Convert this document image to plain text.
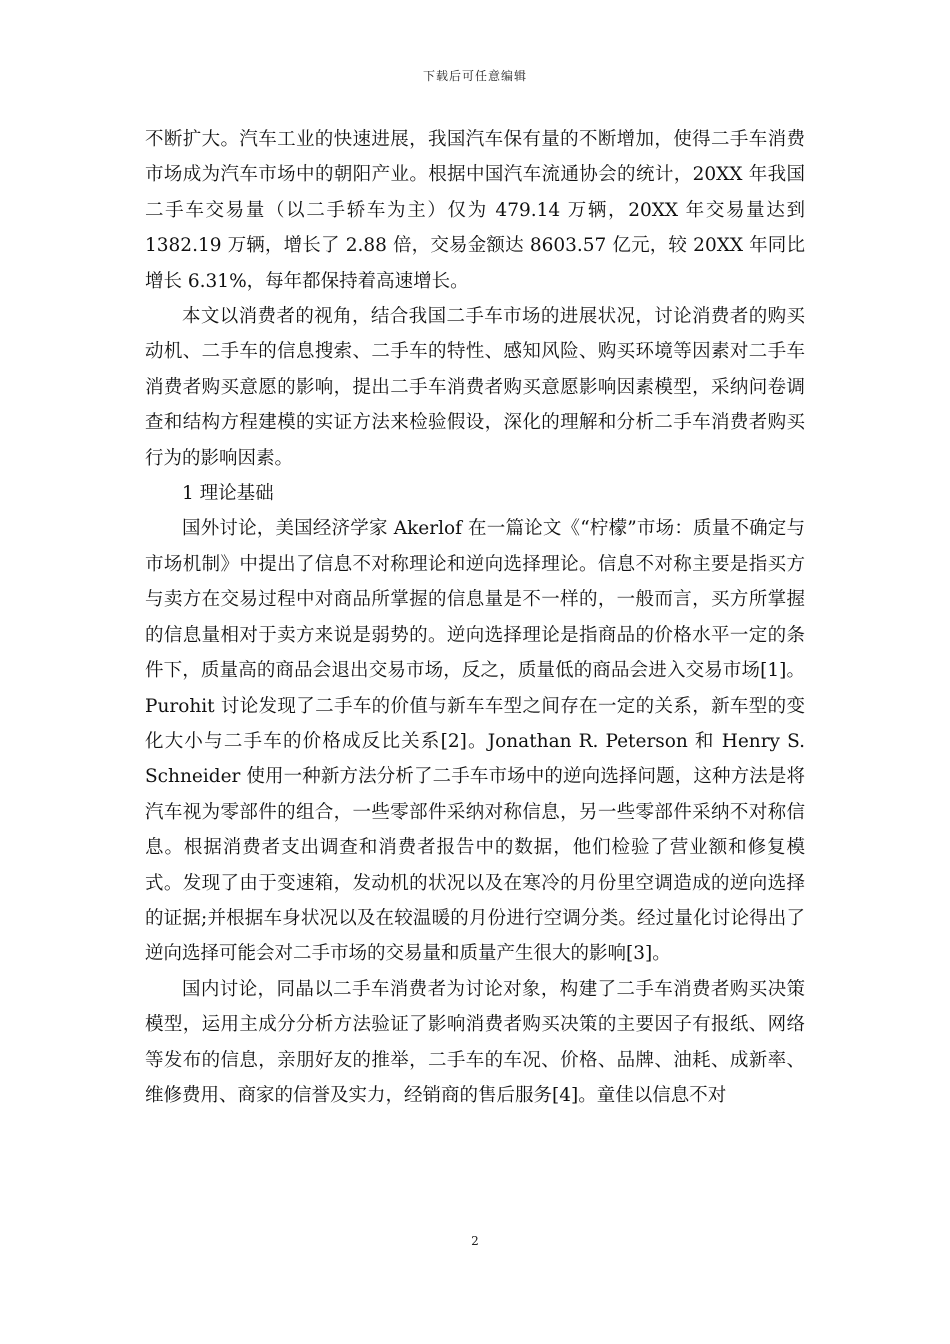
下载后可任意编辑

不断扩大。汽车工业的快速进展，我国汽车保有量的不断增加，使得二手车消费市场成为汽车市场中的朝阳产业。根据中国汽车流通协会的统计，20XX 年我国二手车交易量（以二手轿车为主）仅为 479.14 万辆，20XX 年交易量达到 1382.19 万辆，增长了 2.88 倍，交易金额达 8603.57 亿元，较 20XX 年同比增长 6.31%，每年都保持着高速增长。

本文以消费者的视角，结合我国二手车市场的进展状况，讨论消费者的购买动机、二手车的信息搜索、二手车的特性、感知风险、购买环境等因素对二手车消费者购买意愿的影响，提出二手车消费者购买意愿影响因素模型，采纳问卷调查和结构方程建模的实证方法来检验假设，深化的理解和分析二手车消费者购买行为的影响因素。

1 理论基础

国外讨论，美国经济学家 Akerlof 在一篇论文《“柠檬”市场：质量不确定与市场机制》中提出了信息不对称理论和逆向选择理论。信息不对称主要是指买方与卖方在交易过程中对商品所掌握的信息量是不一样的，一般而言，买方所掌握的信息量相对于卖方来说是弱势的。逆向选择理论是指商品的价格水平一定的条件下，质量高的商品会退出交易市场，反之，质量低的商品会进入交易市场[1]。Purohit 讨论发现了二手车的价值与新车车型之间存在一定的关系，新车型的变化大小与二手车的价格成反比关系[2]。Jonathan R. Peterson 和 Henry S. Schneider 使用一种新方法分析了二手车市场中的逆向选择问题，这种方法是将汽车视为零部件的组合，一些零部件采纳对称信息，另一些零部件采纳不对称信息。根据消费者支出调查和消费者报告中的数据，他们检验了营业额和修复模式。发现了由于变速箱，发动机的状况以及在寒冷的月份里空调造成的逆向选择的证据;并根据车身状况以及在较温暖的月份进行空调分类。经过量化讨论得出了逆向选择可能会对二手市场的交易量和质量产生很大的影响[3]。

国内讨论，同晶以二手车消费者为讨论对象，构建了二手车消费者购买决策模型，运用主成分分析方法验证了影响消费者购买决策的主要因子有报纸、网络等发布的信息，亲朋好友的推举，二手车的车况、价格、品牌、油耗、成新率、维修费用、商家的信誉及实力，经销商的售后服务[4]。童佳以信息不对

2
